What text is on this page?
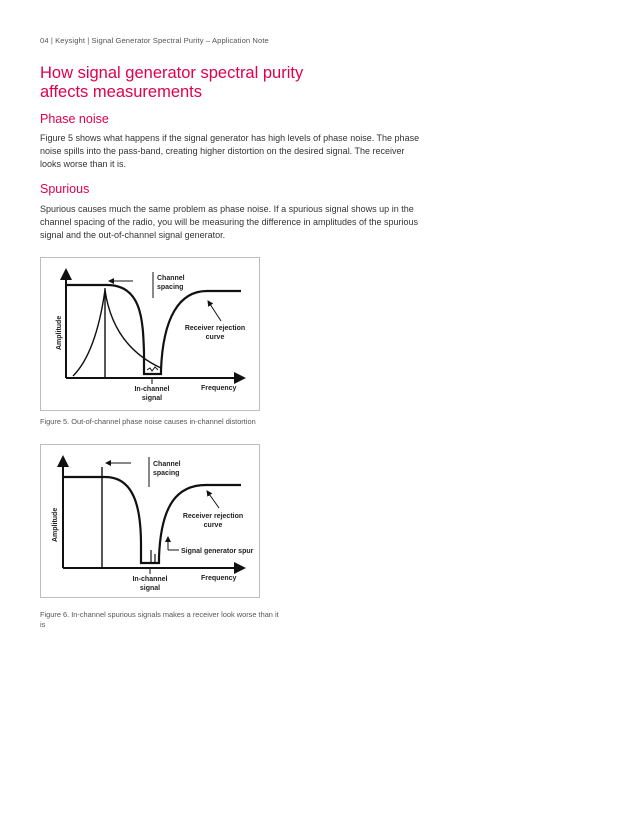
04 | Keysight | Signal Generator Spectral Purity – Application Note
How signal generator spectral purity
affects measurements
Phase noise

Figure 5 shows what happens if the signal generator has high levels of phase noise. The phase noise spills into the pass-band, creating higher distortion on the desired signal. The receiver looks worse than it is.

Spurious

Spurious causes much the same problem as phase noise. If a spurious signal shows up in the channel spacing of the radio, you will be measuring the difference in amplitudes of the spurious signal and the out-of-channel signal generator.

Channel
spacing
Receiver rejection
curve
In-channel
signal
Frequency
Amplitude

Figure 5. Out-of-channel phase noise causes in-channel distortion

Channel
spacing
Receiver rejection
curve
Signal generator spur
In-channel
signal
Frequency
Amplitude

Figure 6. In-channel spurious signals makes a receiver look worse than it is
